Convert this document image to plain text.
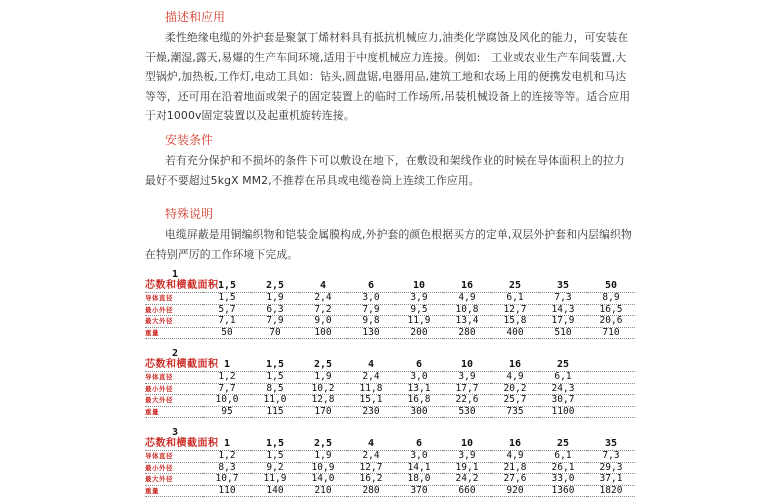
描述和应用
柔性绝缘电缆的外护套是聚氯丁烯材料具有抵抗机械应力,油类化学腐蚀及风化的能力，可安装在干燥,潮湿,露天,易爆的生产车间环境,适用于中度机械应力连接。例如:   工业或农业生产车间装置,大型锅炉,加热板,工作灯,电动工具如：钻头,圆盘锯,电器用品,建筑工地和农场上用的便携发电机和马达等等，还可用在沿着地面或架子的固定装置上的临时工作场所,吊装机械设备上的连接等等。适合应用于对1000v固定装置以及起重机旋转连接。
安装条件
若有充分保护和不损坏的条件下可以敷设在地下，在敷设和架线作业的时候在导体面积上的拉力最好不要超过5kgX MM2,不推荐在吊具或电缆卷筒上连续工作应用。
特殊说明
电缆屏蔽是用铜编织物和铠装金属膜构成,外护套的颜色根据买方的定单,双层外护套和内层编织物在特别严厉的工作环境下完成。
1
芯数和横截面积	1,5	2,5	4	6	10	16	25	35	50
导体直径	1,5	1,9	2,4	3,0	3,9	4,9	6,1	7,3	8,9
最小外径	5,7	6,3	7,2	7,9	9,5	10,8	12,7	14,3	16,5
最大外径	7,1	7,9	9,0	9,8	11,9	13,4	15,8	17,9	20,6
重量	50	70	100	130	200	280	400	510	710
2
芯数和横截面积	1	1,5	2,5	4	6	10	16	25	
导体直径	1,2	1,5	1,9	2,4	3,0	3,9	4,9	6,1	
最小外径	7,7	8,5	10,2	11,8	13,1	17,7	20,2	24,3	
最大外径	10,0	11,0	12,8	15,1	16,8	22,6	25,7	30,7	
重量	95	115	170	230	300	530	735	1100	
3
芯数和横截面积	1	1,5	2,5	4	6	10	16	25	35
导体直径	1,2	1,5	1,9	2,4	3,0	3,9	4,9	6,1	7,3
最小外径	8,3	9,2	10,9	12,7	14,1	19,1	21,8	26,1	29,3
最大外径	10,7	11,9	14,0	16,2	18,0	24,2	27,6	33,0	37,1
重量	110	140	210	280	370	660	920	1360	1820
